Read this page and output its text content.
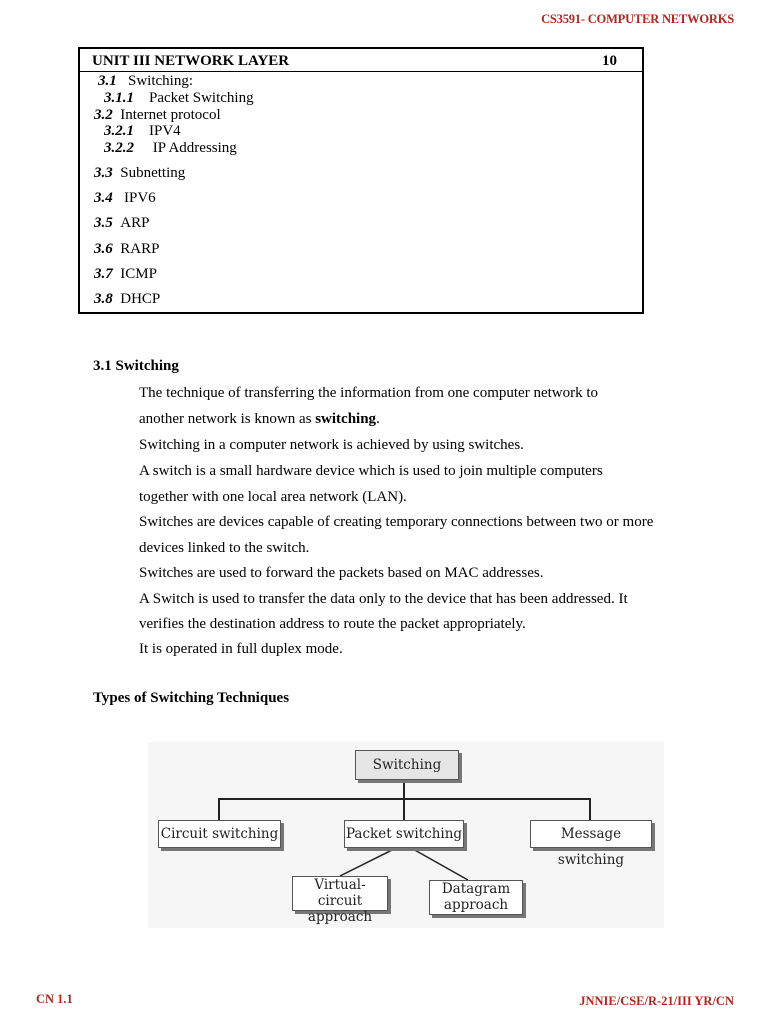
CS3591- COMPUTER NETWORKS
UNIT III NETWORK LAYER	10
3.1 Switching:
3.1.1 Packet Switching
3.2 Internet protocol
3.2.1 IPV4
3.2.2 IP Addressing
3.3 Subnetting
3.4 IPV6
3.5 ARP
3.6 RARP
3.7 ICMP
3.8 DHCP
3.1 Switching
The technique of transferring the information from one computer network to
another network is known as switching.
Switching in a computer network is achieved by using switches.
A switch is a small hardware device which is used to join multiple computers
together with one local area network (LAN).
Switches are devices capable of creating temporary connections between two or more
devices linked to the switch.
Switches are used to forward the packets based on MAC addresses.
A Switch is used to transfer the data only to the device that has been addressed. It
verifies the destination address to route the packet appropriately.
It is operated in full duplex mode.
Types of Switching Techniques
Switching
Circuit switching	Packet switching	Message switching
Virtual-circuit
approach
Datagram
approach
CN 1.1	JNNIE/CSE/R-21/III YR/CN
